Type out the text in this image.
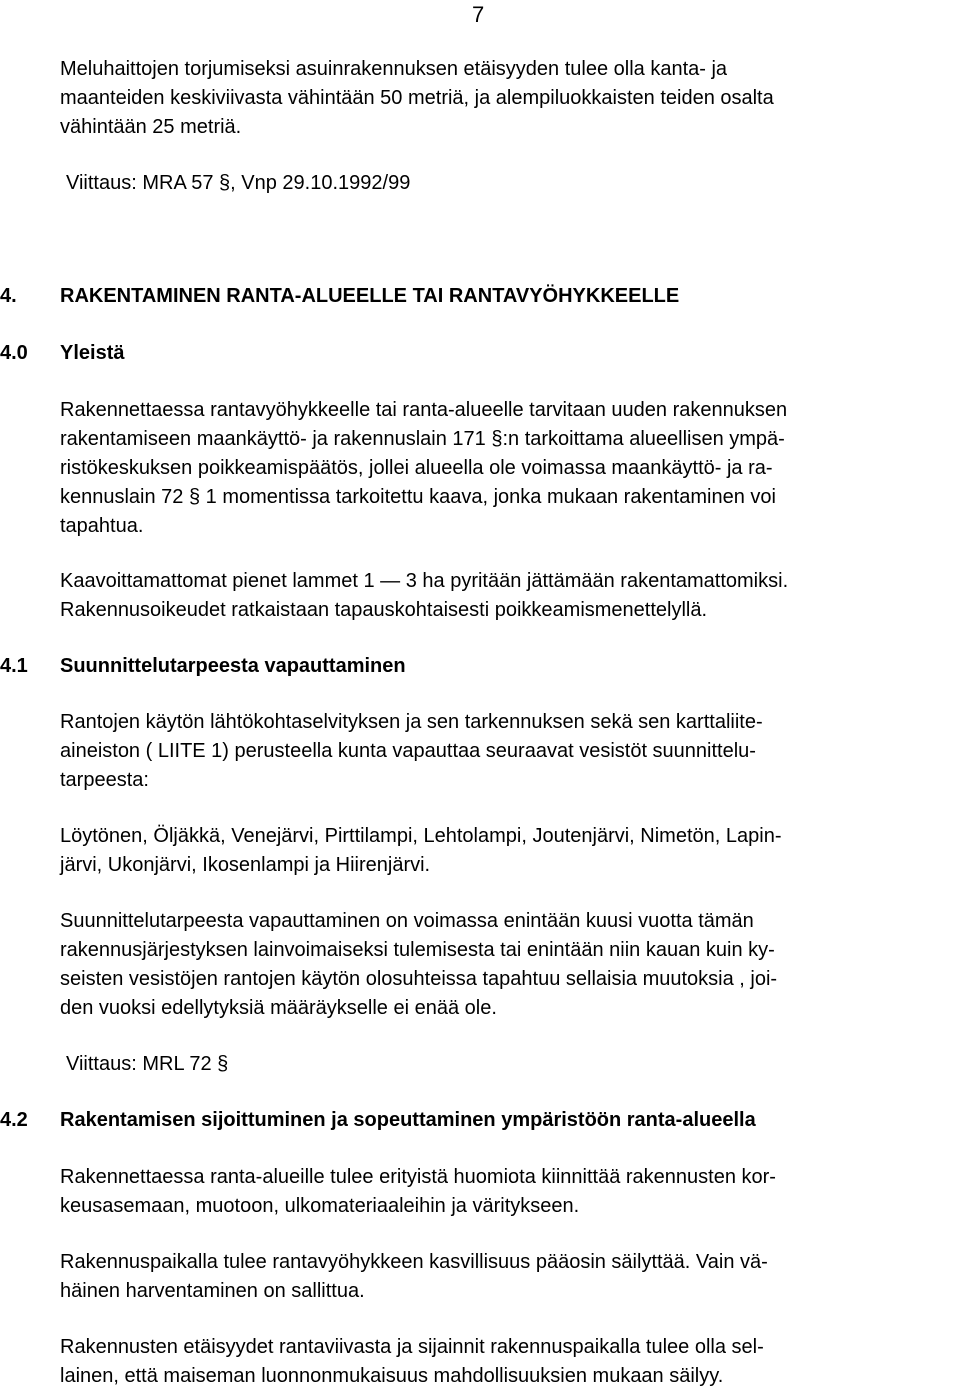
7

Meluhaittojen torjumiseksi asuinrakennuksen etäisyyden tulee olla kanta- ja
maanteiden keskiviivasta vähintään 50 metriä, ja alempiluokkaisten teiden osalta
vähintään 25 metriä.

Viittaus: MRA 57 §, Vnp 29.10.1992/99
4. RAKENTAMINEN RANTA-ALUEELLE TAI RANTAVYÖHYKKEELLE
4.0 Yleistä

Rakennettaessa rantavyöhykkeelle tai ranta-alueelle tarvitaan uuden rakennuksen
rakentamiseen maankäyttö- ja rakennuslain 171 §:n tarkoittama alueellisen ympä-
ristökeskuksen poikkeamispäätös, jollei alueella ole voimassa maankäyttö- ja ra-
kennuslain 72 § 1 momentissa tarkoitettu kaava, jonka mukaan rakentaminen voi
tapahtua.

Kaavoittamattomat pienet lammet 1 — 3 ha pyritään jättämään rakentamattomiksi.
Rakennusoikeudet ratkaistaan tapauskohtaisesti poikkeamismenettelyllä.

4.1 Suunnittelutarpeesta vapauttaminen

Rantojen käytön lähtökohtaselvityksen ja sen tarkennuksen sekä sen karttaliite-
aineiston ( LIITE 1) perusteella kunta vapauttaa seuraavat vesistöt suunnittelu-
tarpeesta:

Löytönen, Öljäkkä, Venejärvi, Pirttilampi, Lehtolampi, Joutenjärvi, Nimetön, Lapin-
järvi, Ukonjärvi, Ikosenlampi ja Hiirenjärvi.

Suunnittelutarpeesta vapauttaminen on voimassa enintään kuusi vuotta tämän
rakennusjärjestyksen lainvoimaiseksi tulemisesta tai enintään niin kauan kuin ky-
seisten vesistöjen rantojen käytön olosuhteissa tapahtuu sellaisia muutoksia , joi-
den vuoksi edellytyksiä määräykselle ei enää ole.

Viittaus: MRL 72 §
4.2 Rakentamisen sijoittuminen ja sopeuttaminen ympäristöön ranta-alueella

Rakennettaessa ranta-alueille tulee erityistä huomiota kiinnittää rakennusten kor-
keusasemaan, muotoon, ulkomateriaaleihin ja väritykseen.

Rakennuspaikalla tulee rantavyöhykkeen kasvillisuus pääosin säilyttää. Vain vä-
häinen harventaminen on sallittua.

Rakennusten etäisyydet rantaviivasta ja sijainnit rakennuspaikalla tulee olla sel-
lainen, että maiseman luonnonmukaisuus mahdollisuuksien mukaan säilyy.
